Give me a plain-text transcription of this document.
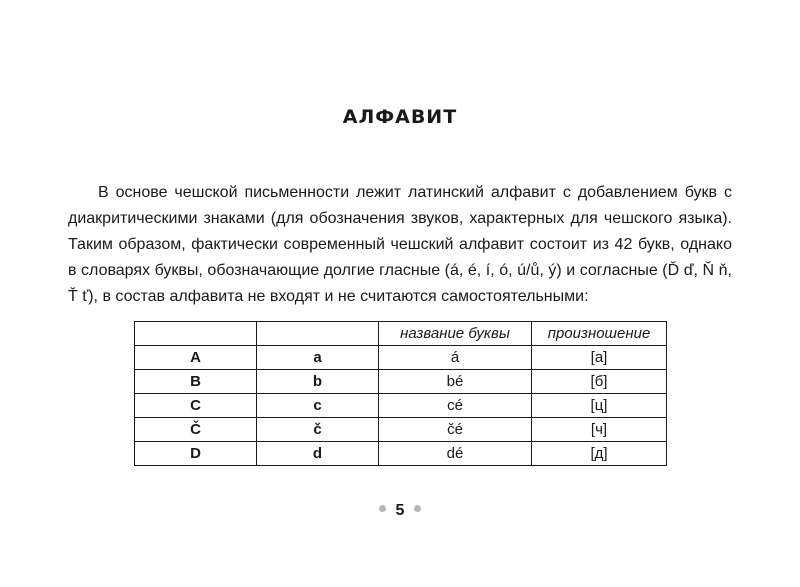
АЛФАВИТ

В основе чешской письменности лежит латинский алфавит с добавлением букв с диакритическими знаками (для обозначения звуков, характерных для чешского языка). Таким образом, фактически современный чешский алфавит состоит из 42 букв, однако в словарях буквы, обозначающие долгие гласные (á, é, í, ó, ú/ů, ý) и согласные (Ď ď, Ň ň, Ť ť), в состав алфавита не входят и не считаются самостоятельными:

		название буквы	произношение
A	a	á	[а]
B	b	bé	[б]
C	c	cé	[ц]
Č	č	čé	[ч]
D	d	dé	[д]
5
